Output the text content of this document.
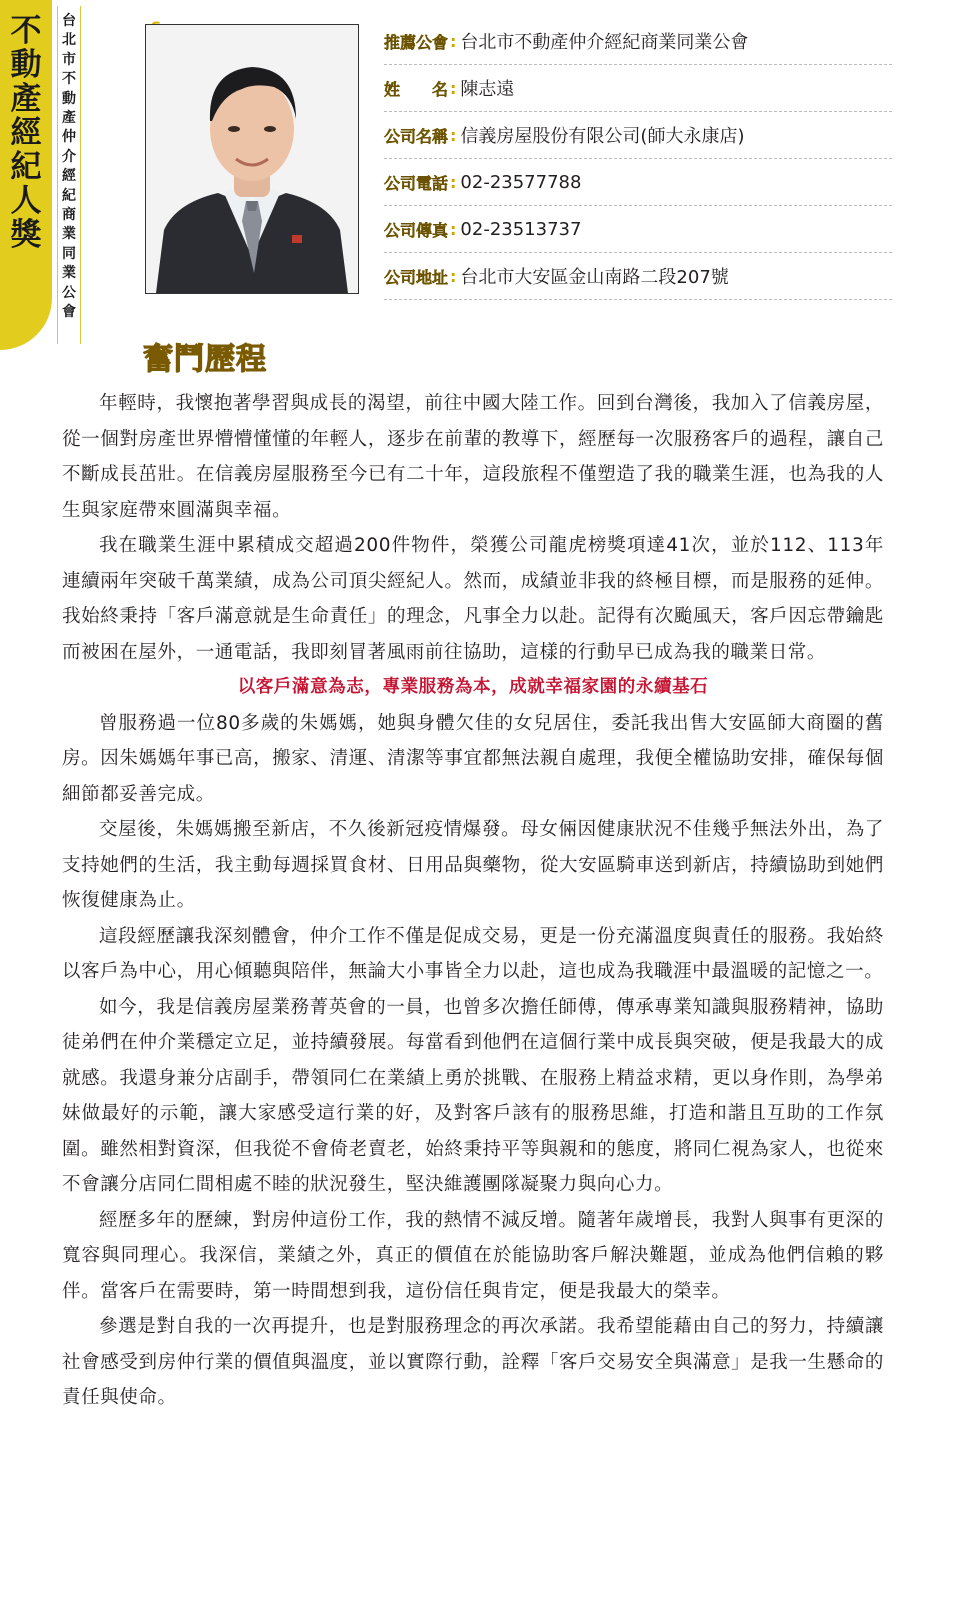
不動產經紀人獎
台北市不動產仲介經紀商業同業公會
推薦公會 : 台北市不動產仲介經紀商業同業公會
姓　　名 : 陳志遠
公司名稱 : 信義房屋股份有限公司(師大永康店)
公司電話 : 02-23577788
公司傳真 : 02-23513737
公司地址 : 台北市大安區金山南路二段207號
奮鬥歷程

年輕時，我懷抱著學習與成長的渴望，前往中國大陸工作。回到台灣後，我加入了信義房屋，從一個對房產世界懵懵懂懂的年輕人，逐步在前輩的教導下，經歷每一次服務客戶的過程，讓自己不斷成長茁壯。在信義房屋服務至今已有二十年，這段旅程不僅塑造了我的職業生涯，也為我的人生與家庭帶來圓滿與幸福。

我在職業生涯中累積成交超過200件物件，榮獲公司龍虎榜獎項達41次，並於112、113年連續兩年突破千萬業績，成為公司頂尖經紀人。然而，成績並非我的終極目標，而是服務的延伸。我始終秉持「客戶滿意就是生命責任」的理念，凡事全力以赴。記得有次颱風天，客戶因忘帶鑰匙而被困在屋外，一通電話，我即刻冒著風雨前往協助，這樣的行動早已成為我的職業日常。

以客戶滿意為志，專業服務為本，成就幸福家園的永續基石

曾服務過一位80多歲的朱媽媽，她與身體欠佳的女兒居住，委託我出售大安區師大商圈的舊房。因朱媽媽年事已高，搬家、清運、清潔等事宜都無法親自處理，我便全權協助安排，確保每個細節都妥善完成。

交屋後，朱媽媽搬至新店，不久後新冠疫情爆發。母女倆因健康狀況不佳幾乎無法外出，為了支持她們的生活，我主動每週採買食材、日用品與藥物，從大安區騎車送到新店，持續協助到她們恢復健康為止。

這段經歷讓我深刻體會，仲介工作不僅是促成交易，更是一份充滿溫度與責任的服務。我始終以客戶為中心，用心傾聽與陪伴，無論大小事皆全力以赴，這也成為我職涯中最溫暖的記憶之一。

如今，我是信義房屋業務菁英會的一員，也曾多次擔任師傅，傳承專業知識與服務精神，協助徒弟們在仲介業穩定立足，並持續發展。每當看到他們在這個行業中成長與突破，便是我最大的成就感。我還身兼分店副手，帶領同仁在業績上勇於挑戰、在服務上精益求精，更以身作則，為學弟妹做最好的示範，讓大家感受這行業的好，及對客戶該有的服務思維，打造和諧且互助的工作氛圍。雖然相對資深，但我從不會倚老賣老，始終秉持平等與親和的態度，將同仁視為家人，也從來不會讓分店同仁間相處不睦的狀況發生，堅決維護團隊凝聚力與向心力。

經歷多年的歷練，對房仲這份工作，我的熱情不減反增。隨著年歲增長，我對人與事有更深的寬容與同理心。我深信，業績之外，真正的價值在於能協助客戶解決難題，並成為他們信賴的夥伴。當客戶在需要時，第一時間想到我，這份信任與肯定，便是我最大的榮幸。

參選是對自我的一次再提升，也是對服務理念的再次承諾。我希望能藉由自己的努力，持續讓社會感受到房仲行業的價值與溫度，並以實際行動，詮釋「客戶交易安全與滿意」是我一生懸命的責任與使命。
